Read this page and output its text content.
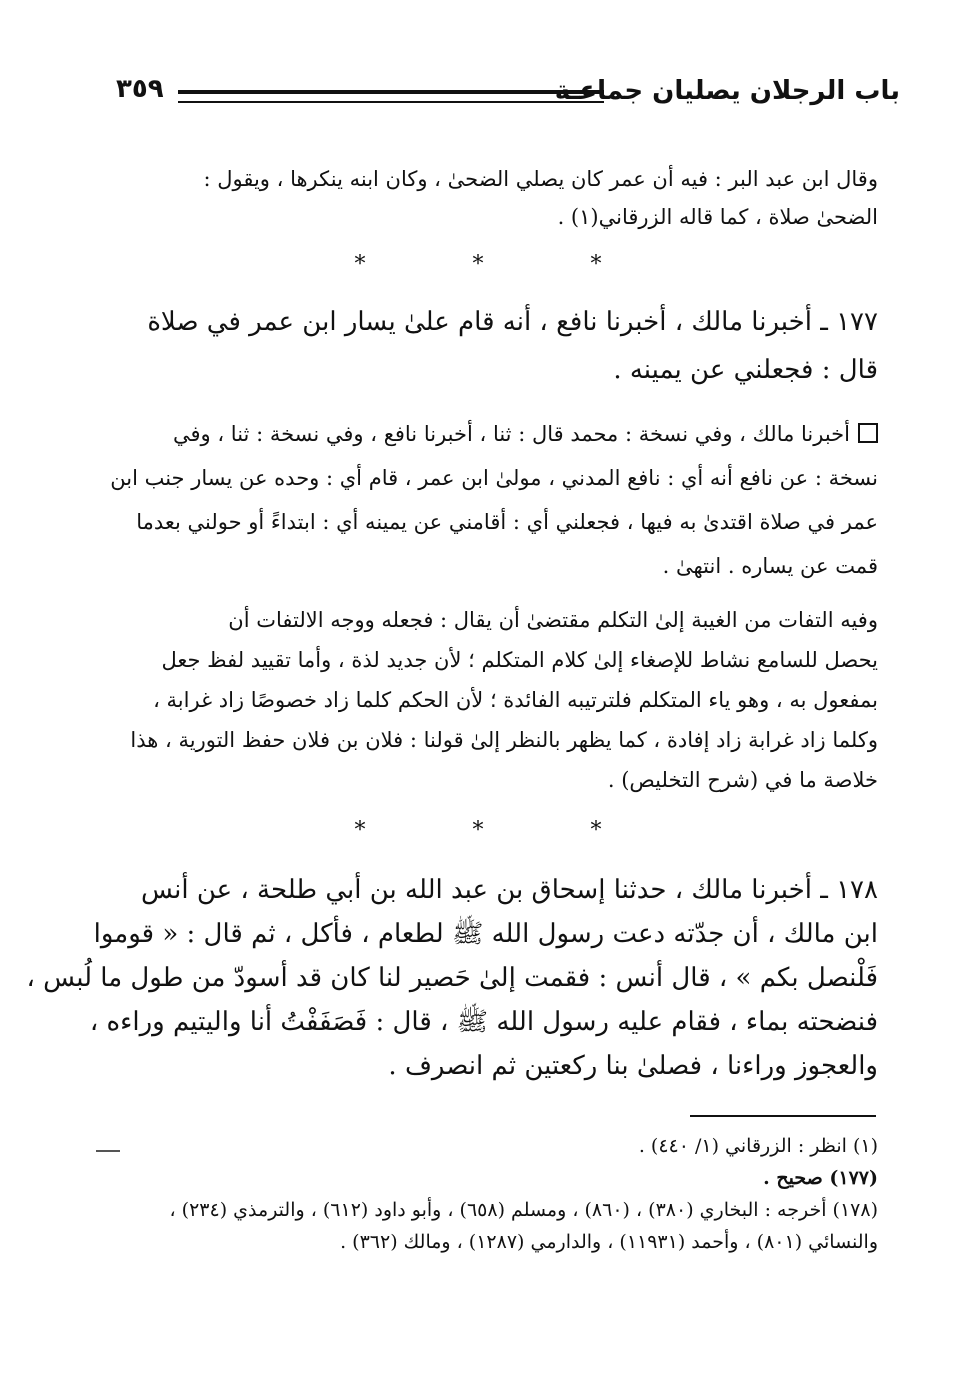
باب الرجلان يصليان جماعـة
٣٥٩
وقال ابن عبد البر : فيه أن عمر كان يصلي الضحىٰ ، وكان ابنه ينكرها ، ويقول :
الضحىٰ صلاة ، كما قاله الزرقاني(١) .
* * *
١٧٧ ـ أخبرنا مالك ، أخبرنا نافع ، أنه قام علىٰ يسار ابن عمر في صلاة
قال : فجعلني عن يمينه .
أخبرنا مالك ، وفي نسخة : محمد قال : ثنا ، أخبرنا نافع ، وفي نسخة : ثنا ، وفي
نسخة : عن نافع أنه أي : نافع المدني ، مولىٰ ابن عمر ، قام أي : وحده عن يسار جنب ابن
عمر في صلاة اقتدىٰ به فيها ، فجعلني أي : أقامني عن يمينه أي : ابتداءً أو حولني بعدما
قمت عن يساره . انتهىٰ .
وفيه التفات من الغيبة إلىٰ التكلم مقتضىٰ أن يقال : فجعله ووجه الالتفات أن
يحصل للسامع نشاط للإصغاء إلىٰ كلام المتكلم ؛ لأن جديد لذة ، وأما تقييد لفظ جعل
بمفعول به ، وهو ياء المتكلم فلترتيبه الفائدة ؛ لأن الحكم كلما زاد خصوصًا زاد غرابة ،
وكلما زاد غرابة زاد إفادة ، كما يظهر بالنظر إلىٰ قولنا : فلان بن فلان حفظ التورية ، هذا
خلاصة ما في (شرح التخليص) .
* * *
١٧٨ ـ أخبرنا مالك ، حدثنا إسحاق بن عبد الله بن أبي طلحة ، عن أنس
ابن مالك ، أن جدّته دعت رسول الله ﷺ لطعام ، فأكل ، ثم قال : « قوموا
فَلْنصل بكم » ، قال أنس : فقمت إلىٰ حَصير لنا كان قد أسودّ من طول ما لُبس ،
فنضحته بماء ، فقام عليه رسول الله ﷺ ، قال : فَصَفَفْتُ أنا واليتيم وراءه ،
والعجوز وراءنا ، فصلىٰ بنا ركعتين ثم انصرف .
(١) انظر : الزرقاني (١/ ٤٤٠) .
(١٧٧) صحيح .
(١٧٨) أخرجه : البخاري (٣٨٠) ، (٨٦٠) ، ومسلم (٦٥٨) ، وأبو داود (٦١٢) ، والترمذي (٢٣٤) ،
والنسائي (٨٠١) ، وأحمد (١١٩٣١) ، والدارمي (١٢٨٧) ، ومالك (٣٦٢) .
